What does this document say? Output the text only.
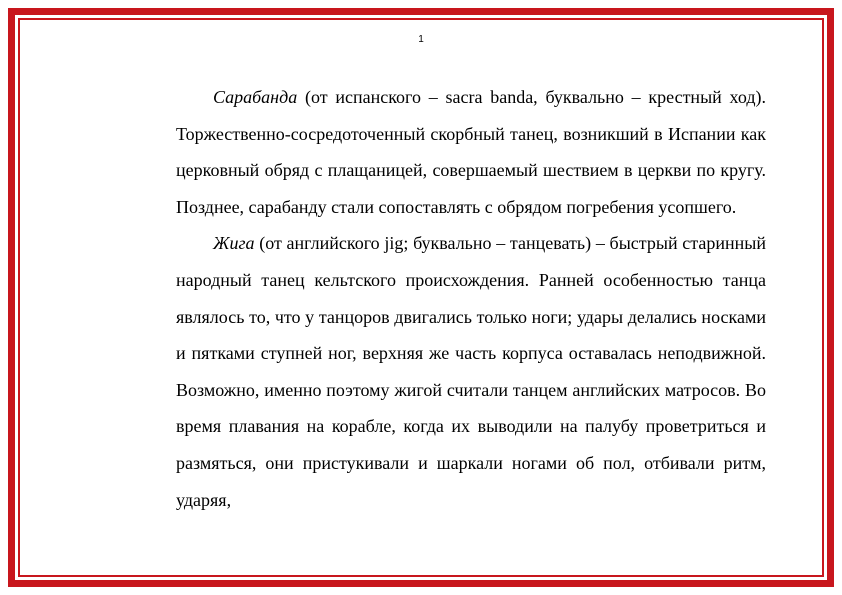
1

Сарабанда (от испанского – sacra banda, буквально – крестный ход). Торжественно-сосредоточенный скорбный танец, возникший в Испании как церковный обряд с плащаницей, совершаемый шествием в церкви по кругу. Позднее, сарабанду стали сопоставлять с обрядом погребения усопшего.

Жига (от английского jig; буквально – танцевать) – быстрый старинный народный танец кельтского происхождения. Ранней особенностью танца являлось то, что у танцоров двигались только ноги; удары делались носками и пятками ступней ног, верхняя же часть корпуса оставалась неподвижной. Возможно, именно поэтому жигой считали танцем английских матросов. Во время плавания на корабле, когда их выводили на палубу проветриться и размяться, они пристукивали и шаркали ногами об пол, отбивали ритм, ударяя,
